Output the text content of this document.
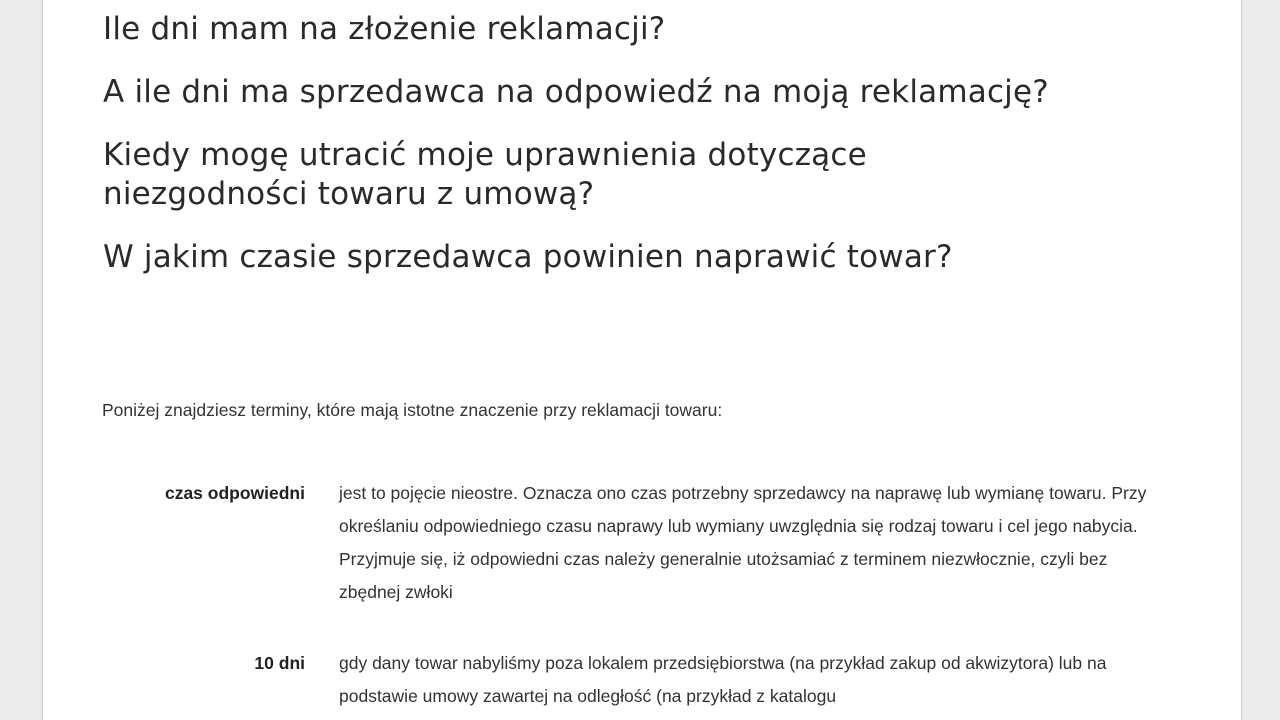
Ile dni mam na złożenie reklamacji?
A ile dni ma sprzedawca na odpowiedź na moją reklamację?
Kiedy mogę utracić moje uprawnienia dotyczące niezgodności towaru z umową?
W jakim czasie sprzedawca powinien naprawić towar?

Poniżej znajdziesz terminy, które mają istotne znaczenie przy reklamacji towaru:

czas odpowiedni jest to pojęcie nieostre. Oznacza ono czas potrzebny sprzedawcy na naprawę lub wymianę towaru. Przy określaniu odpowiedniego czasu naprawy lub wymiany uwzględnia się rodzaj towaru i cel jego nabycia. Przyjmuje się, iż odpowiedni czas należy generalnie utożsamiać z terminem niezwłocznie, czyli bez zbędnej zwłoki
10 dni gdy dany towar nabyliśmy poza lokalem przedsiębiorstwa (na przykład zakup od akwizytora) lub na podstawie umowy zawartej na odległość (na przykład z katalogu
